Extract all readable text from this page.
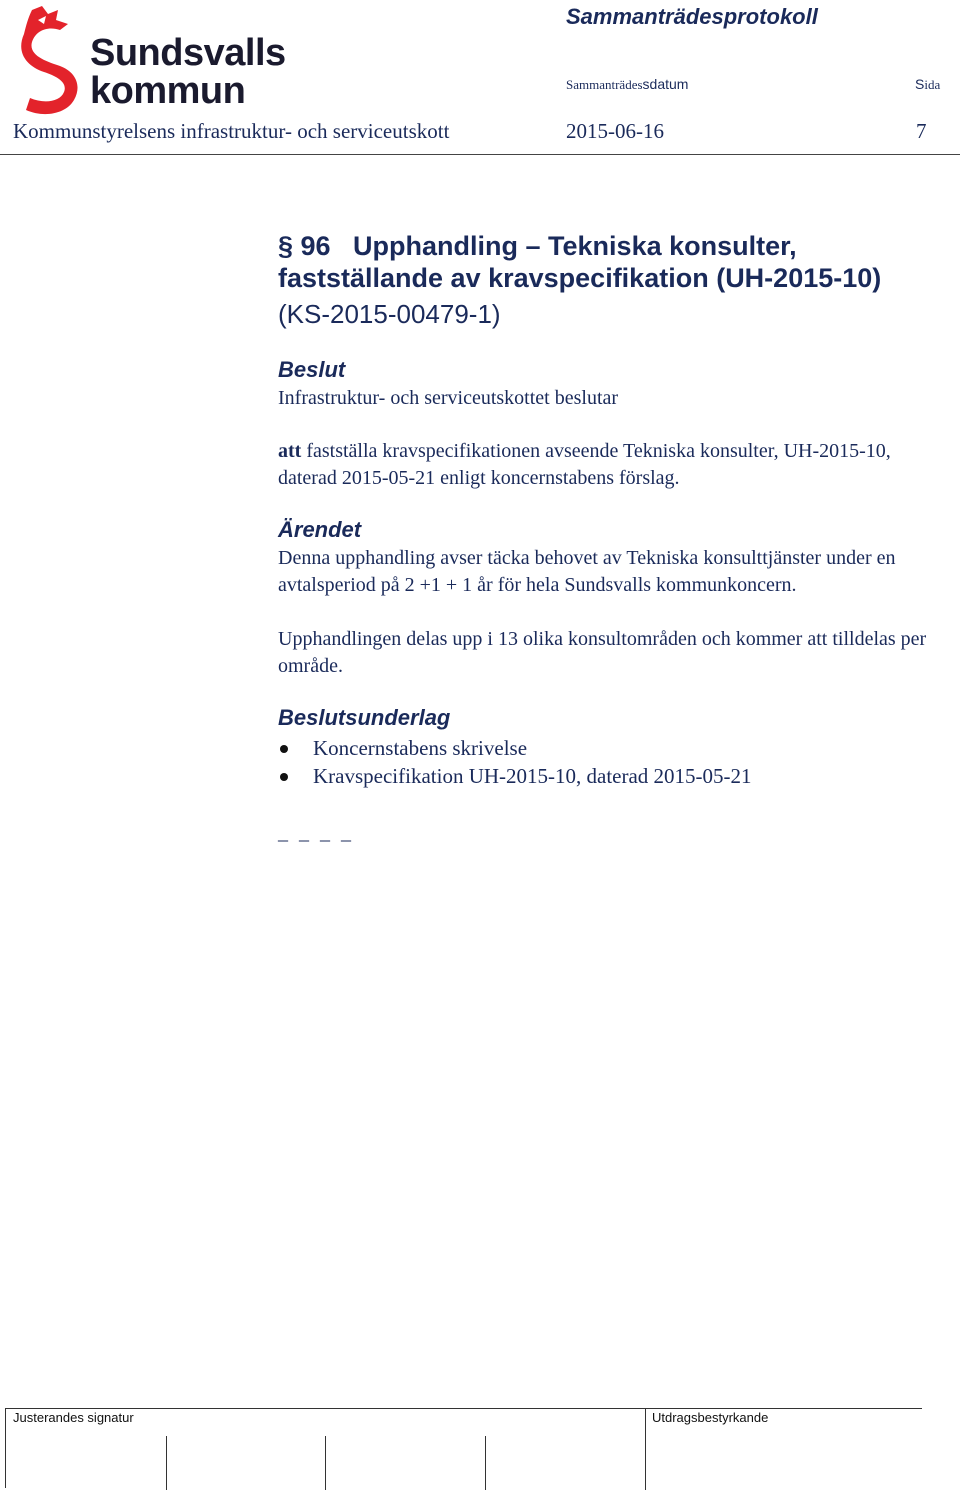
Sundsvalls
kommun
Sammanträdesprotokoll
Sammanträdessdatum	Sida
Kommunstyrelsens infrastruktur- och serviceutskott	2015-06-16	7
§ 96   Upphandling – Tekniska konsulter,
fastställande av kravspecifikation (UH-2015-10)
(KS-2015-00479-1)
Beslut
Infrastruktur- och serviceutskottet beslutar
att fastställa kravspecifikationen avseende Tekniska konsulter, UH-2015-10, daterad 2015-05-21 enligt koncernstabens förslag.
Ärendet
Denna upphandling avser täcka behovet av Tekniska konsulttjänster under en avtalsperiod på 2 +1 + 1 år för hela Sundsvalls kommunkoncern.
Upphandlingen delas upp i 13 olika konsultområden och kommer att tilldelas per område.
Beslutsunderlag
Koncernstabens skrivelse
Kravspecifikation UH-2015-10, daterad 2015-05-21
_ _ _ _
Justerandes signatur	Utdragsbestyrkande
